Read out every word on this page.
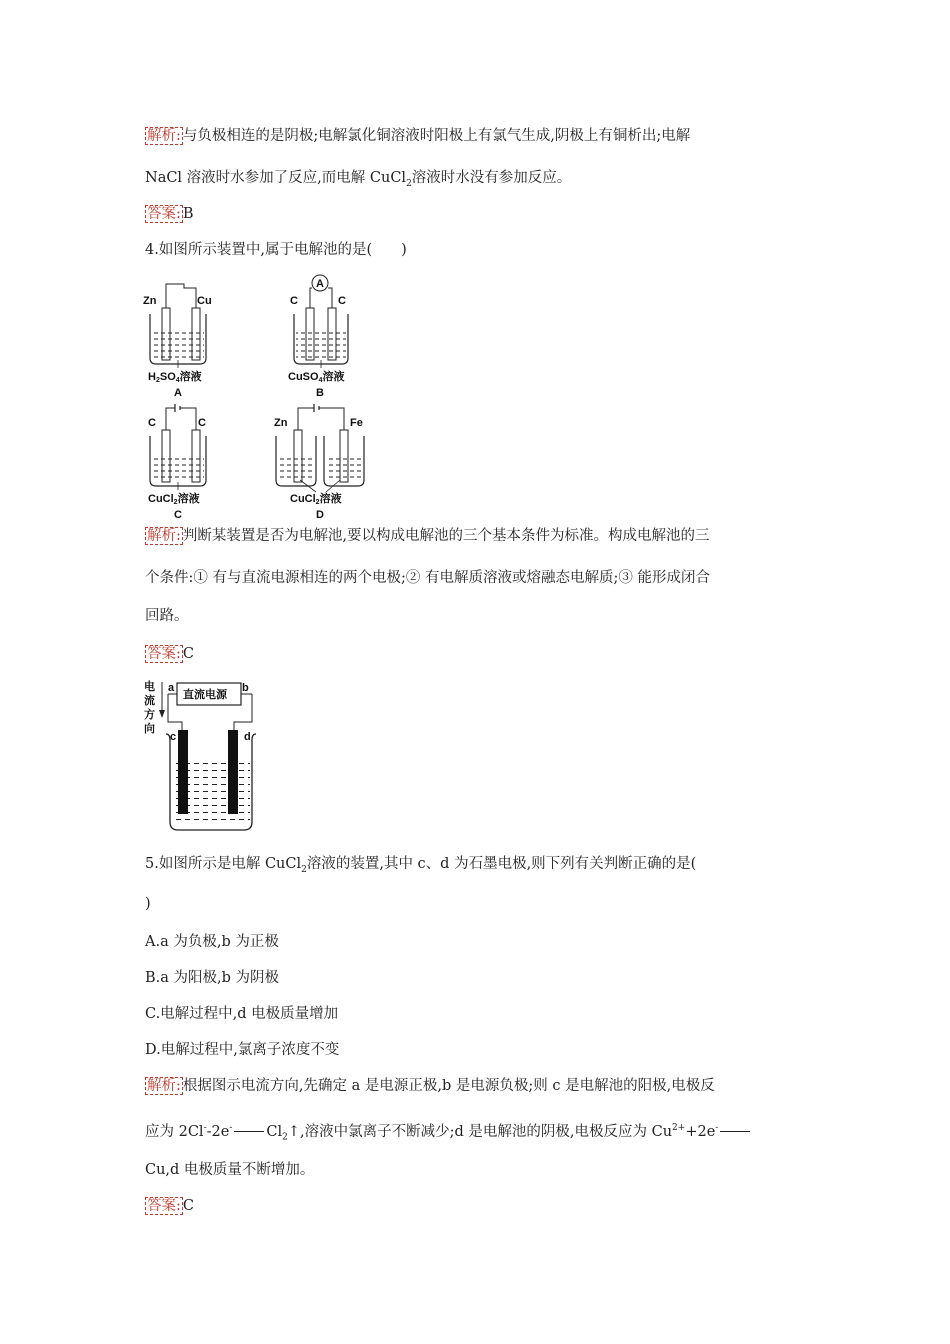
解析: 与负极相连的是阴极;电解氯化铜溶液时阳极上有氯气生成,阴极上有铜析出;电解
NaCl 溶液时水参加了反应,而电解 CuCl$_2$溶液时水没有参加反应。
答案: B
4.如图所示装置中,属于电解池的是(　　)
Zn	Cu
H2SO4溶液
A
C	C
A
CuSO4溶液
B
C	C
CuCl2溶液
C
Zn	Fe
CuCl2溶液
D
解析: 判断某装置是否为电解池,要以构成电解池的三个基本条件为标准。构成电解池的三
个条件:① 有与直流电源相连的两个电极;② 有电解质溶液或熔融态电解质;③ 能形成闭合
回路。
答案: C
电
流
方
向
a	b
直流电源
c	d
5.如图所示是电解 CuCl$_2$溶液的装置,其中 c、d 为石墨电极,则下列有关判断正确的是(
)
A.a 为负极,b 为正极
B.a 为阳极,b 为阴极
C.电解过程中,d 电极质量增加
D.电解过程中,氯离子浓度不变
解析: 根据图示电流方向,先确定 a 是电源正极,b 是电源负极;则 c 是电解池的阳极,电极反
应为 2Cl--2e- $Cl_2↑$,溶液中氯离子不断减少;d 是电解池的阴极,电极反应为 $Cu^{2+}+2e^-$
Cu,d 电极质量不断增加。
答案: C
